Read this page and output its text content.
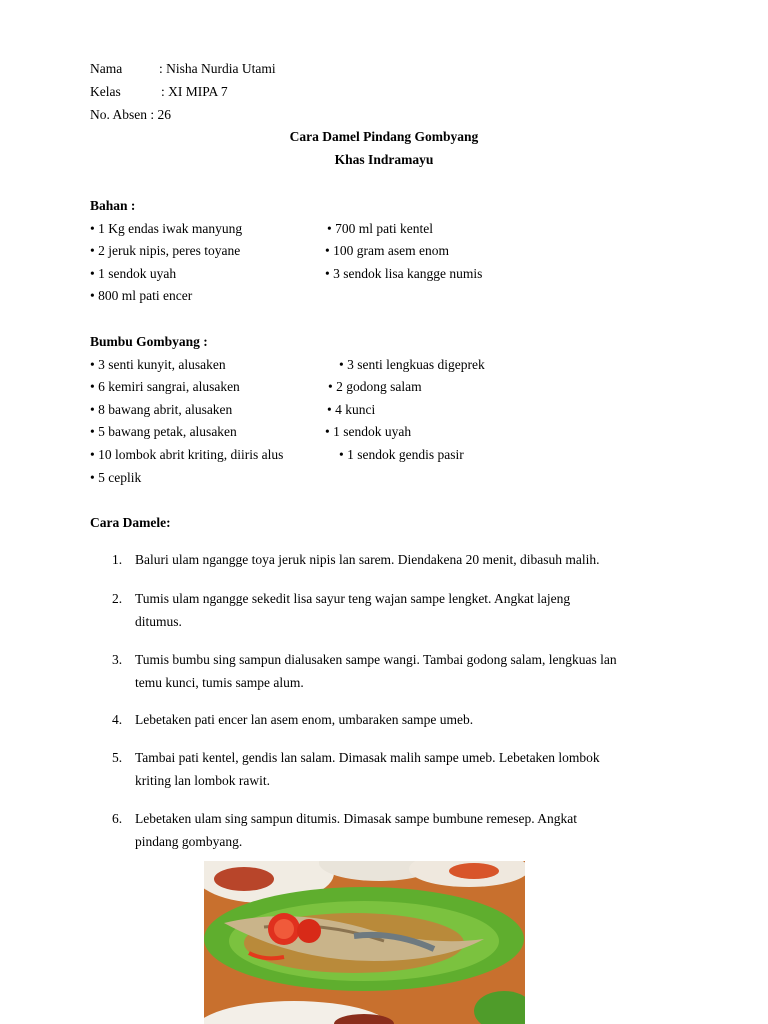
Nama	: Nisha Nurdia Utami
Kelas	: XI MIPA 7
No. Absen : 26
Cara Damel Pindang Gombyang
Khas Indramayu
Bahan :
• 1 Kg endas iwak manyung
• 2 jeruk nipis, peres toyane
• 1 sendok uyah
• 800 ml pati encer
• 700 ml pati kentel
• 100 gram asem enom
• 3 sendok lisa kangge numis
Bumbu Gombyang :
• 3 senti kunyit, alusaken
• 6 kemiri sangrai, alusaken
• 8 bawang abrit, alusaken
• 5 bawang petak, alusaken
• 10 lombok abrit kriting, diiris alus
• 5 ceplik
• 3 senti lengkuas digeprek
• 2 godong salam
• 4 kunci
• 1 sendok uyah
• 1 sendok gendis pasir
Cara Damele:
1. Baluri ulam ngangge toya jeruk nipis lan sarem. Diendakena 20 menit, dibasuh malih.
2. Tumis ulam ngangge sekedit lisa sayur teng wajan sampe lengket. Angkat lajeng
ditumus.
3. Tumis bumbu sing sampun dialusaken sampe wangi. Tambai godong salam, lengkuas lan
temu kunci, tumis sampe alum.
4. Lebetaken pati encer lan asem enom, umbaraken sampe umeb.
5. Tambai pati kentel, gendis lan salam. Dimasak malih sampe umeb. Lebetaken lombok
kriting lan lombok rawit.
6. Lebetaken ulam sing sampun ditumis. Dimasak sampe bumbune remesep. Angkat
pindang gombyang.
